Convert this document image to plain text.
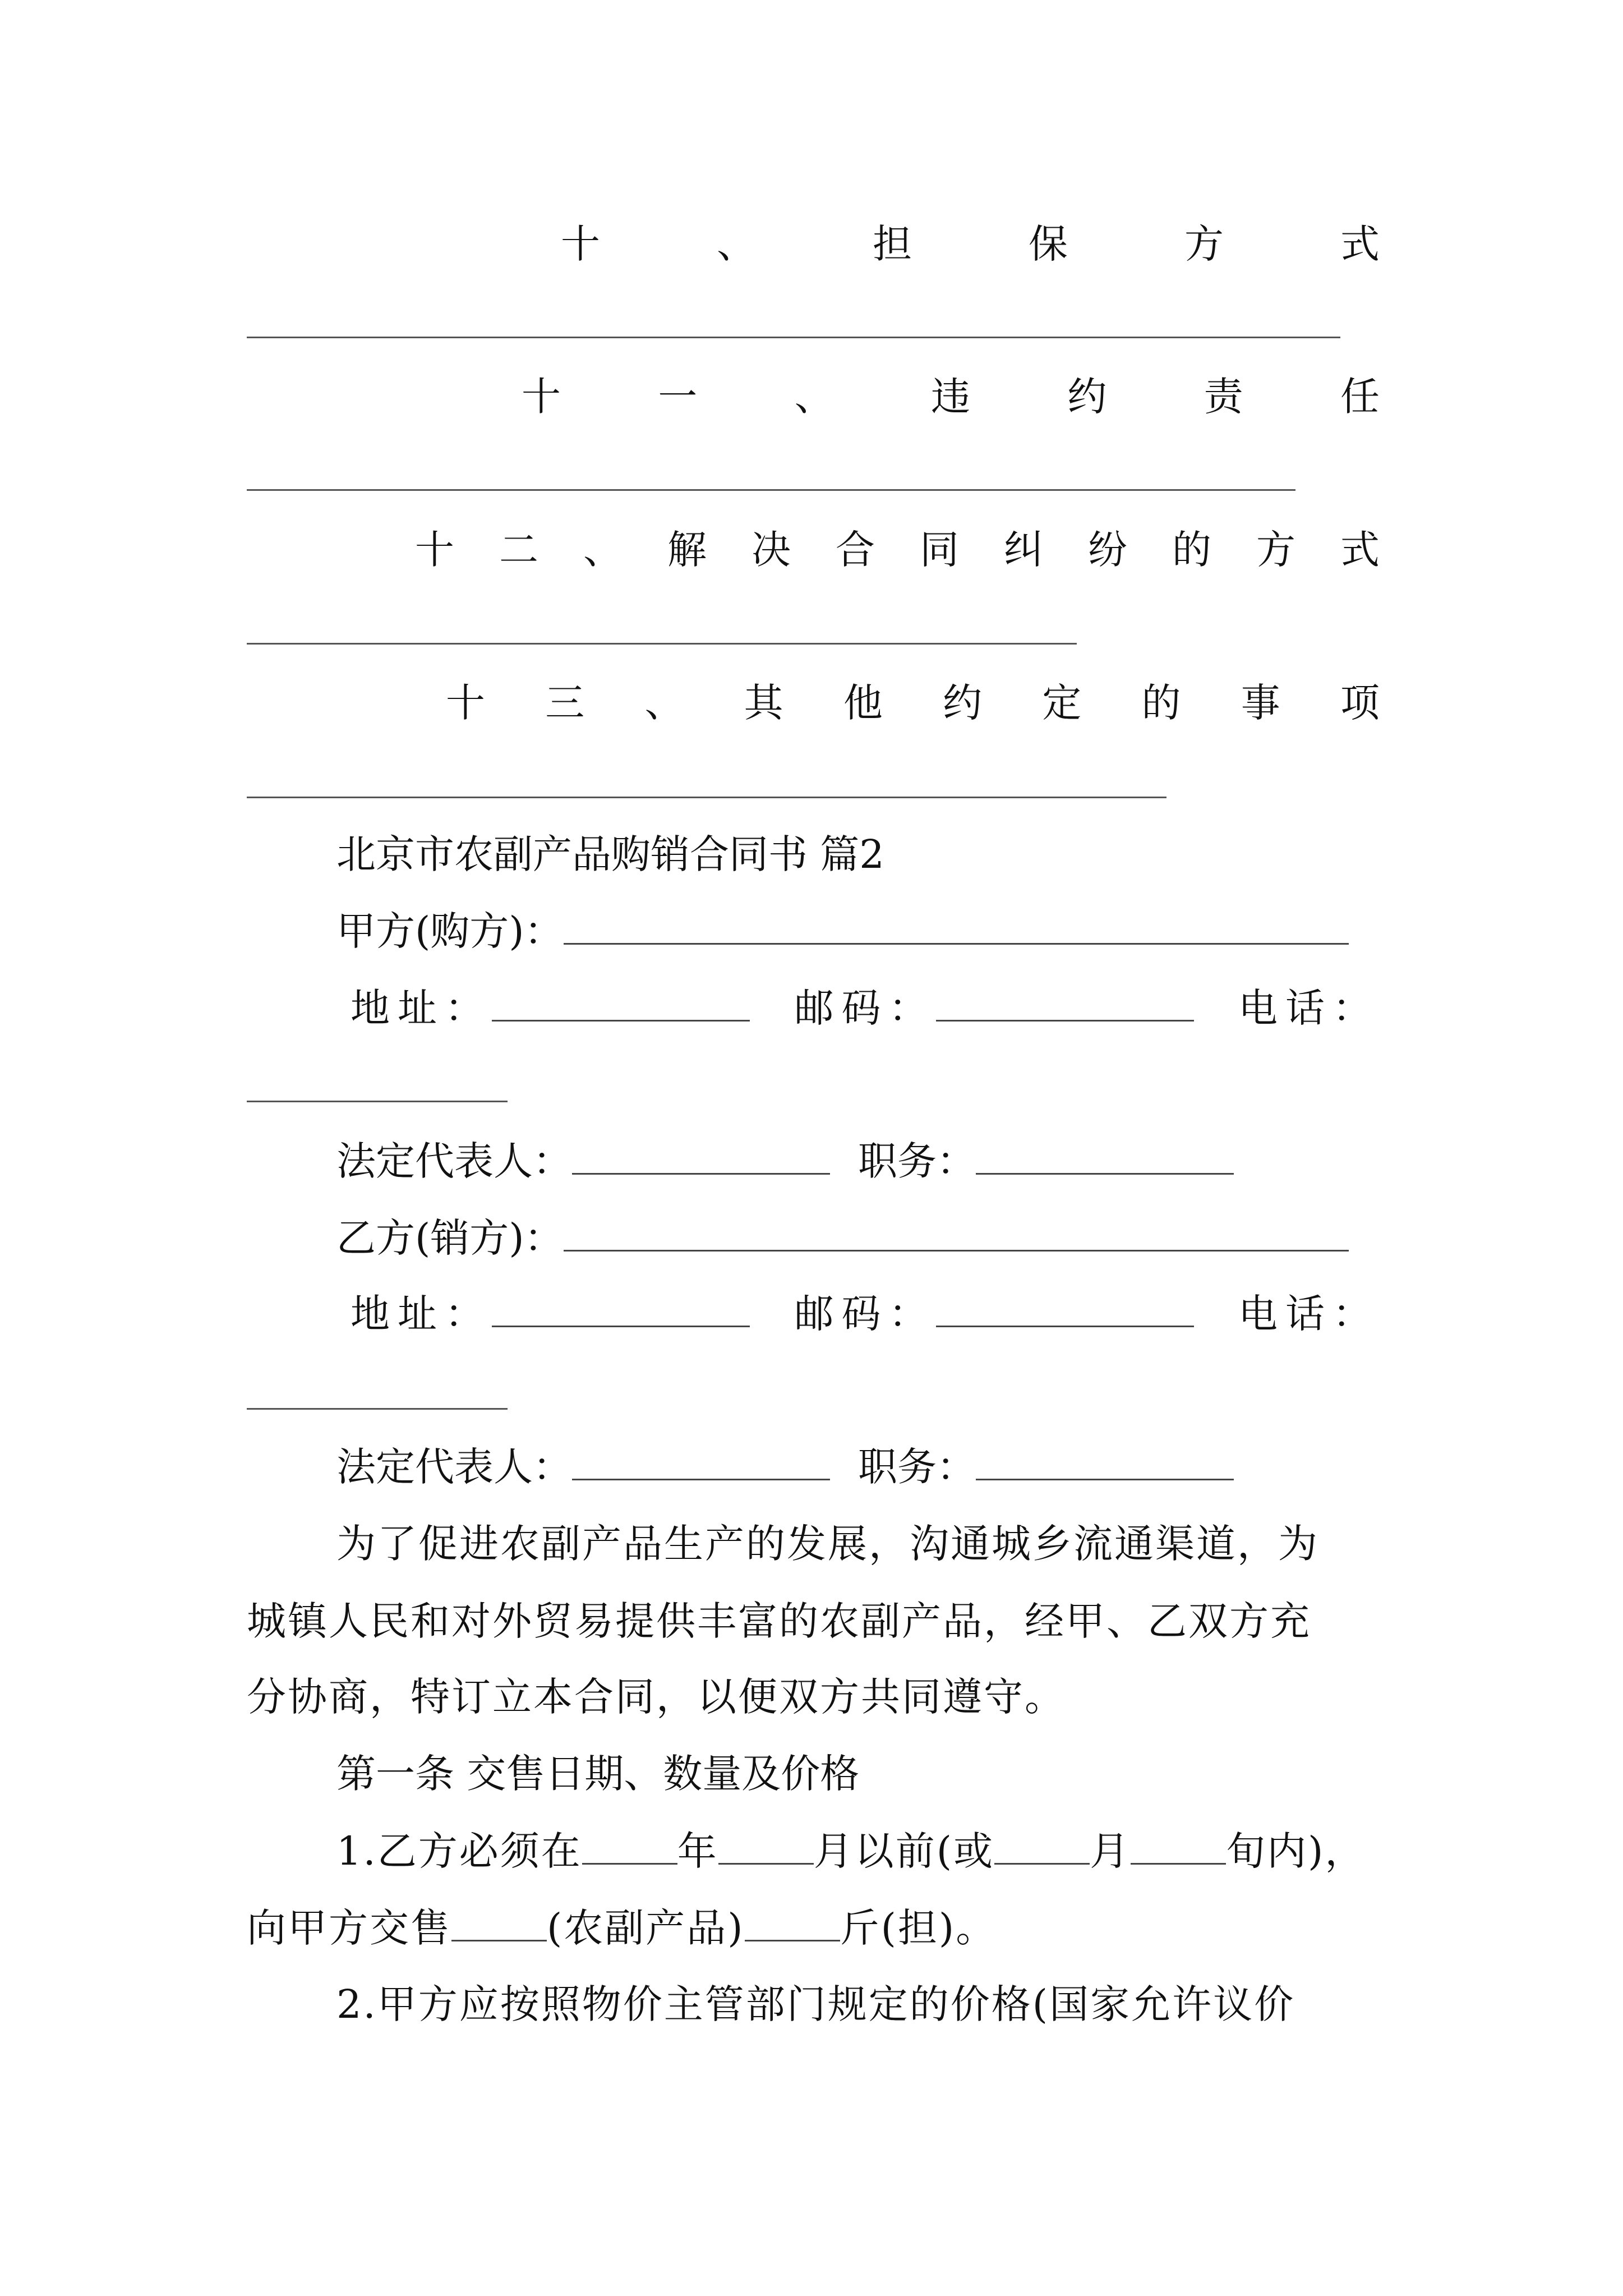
十	、	担	保	方	式
十 一 、 违 约 责 任
十 二 、 解 决 合 同 纠 纷 的 方 式
十 三 、 其 他 约 定 的 事 项
北京市农副产品购销合同书 篇2
甲方(购方)：
地址：	邮码：	电话：
法定代表人：	职务：
乙方(销方)：
地址：	邮码：	电话：
法定代表人：	职务：
为了促进农副产品生产的发展，沟通城乡流通渠道，为
城镇人民和对外贸易提供丰富的农副产品，经甲、乙双方充
分协商，特订立本合同，以便双方共同遵守。
第一条 交售日期、数量及价格
1.乙方必须在 年 月以前(或 月 旬内)，
向甲方交售 (农副产品) 斤(担)。
2.甲方应按照物价主管部门规定的价格(国家允许议价
